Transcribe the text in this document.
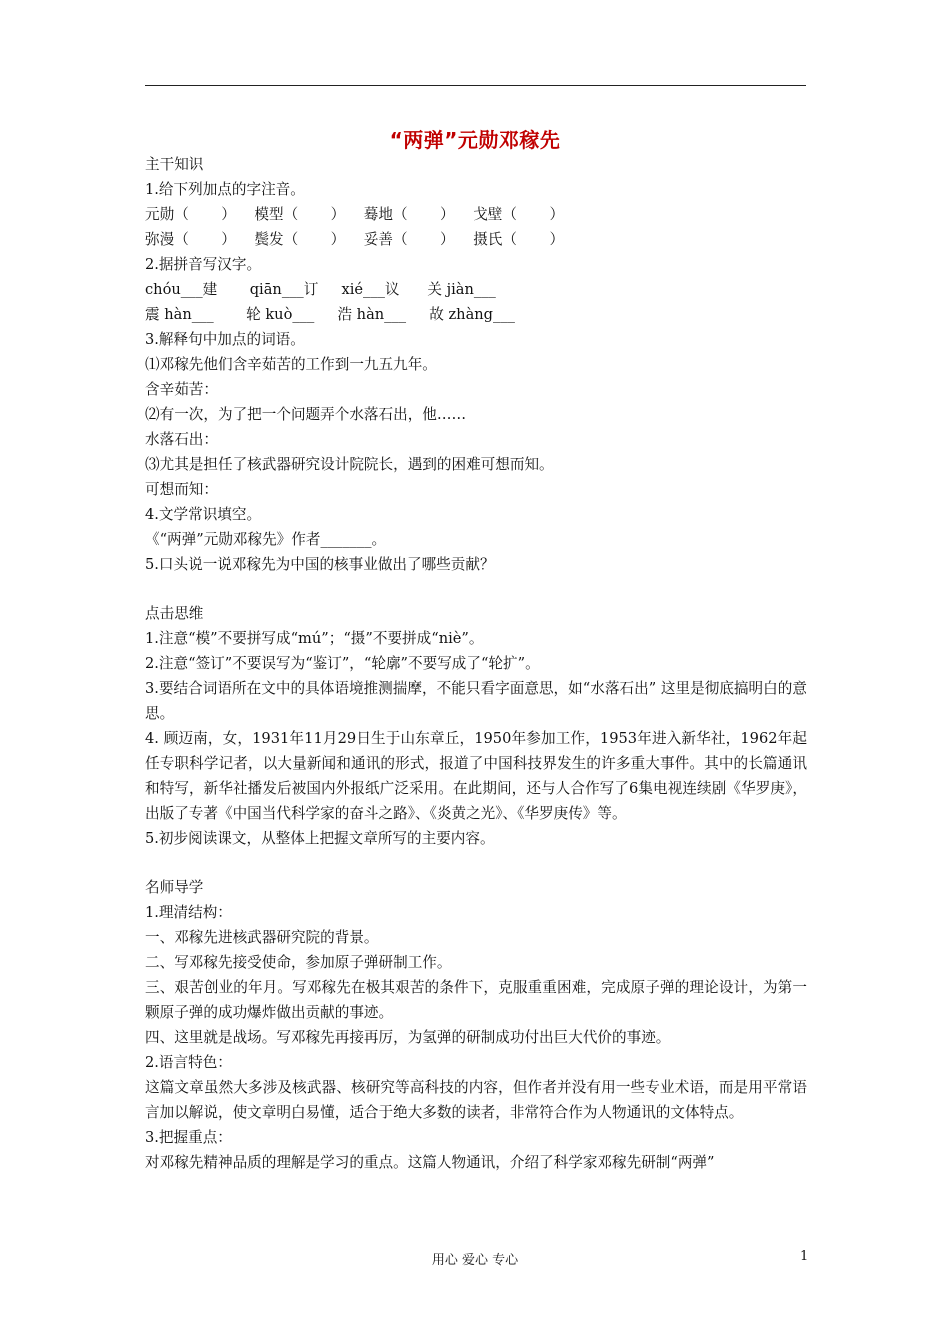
“两弹”元勋邓稼先
主干知识
1.给下列加点的字注音。
元勋（       ）    模型（       ）    蓦地（       ）    戈壁（       ）
弥漫（       ）    鬓发（       ）    妥善（       ）    摄氏（       ）
2.据拼音写汉字。
chóu___建       qiān___订     xié___议      关 jiàn___
震 hàn___       轮 kuò___     浩 hàn___     故 zhàng___
3.解释句中加点的词语。
⑴邓稼先他们含辛茹苦的工作到一九五九年。
含辛茹苦：
⑵有一次，为了把一个问题弄个水落石出，他……
水落石出：
⑶尤其是担任了核武器研究设计院院长，遇到的困难可想而知。
可想而知：
4.文学常识填空。
《“两弹”元勋邓稼先》作者_______。
5.口头说一说邓稼先为中国的核事业做出了哪些贡献？
点击思维
1.注意“模”不要拼写成“mú”；“摄”不要拼成“niè”。
2.注意“签订”不要误写为“鉴订”，“轮廓”不要写成了“轮扩”。
3.要结合词语所在文中的具体语境推测揣摩，不能只看字面意思，如“水落石出” 这里是彻底搞明白的意思。
4. 顾迈南，女，1931年11月29日生于山东章丘，1950年参加工作，1953年进入新华社，1962年起任专职科学记者，以大量新闻和通讯的形式，报道了中国科技界发生的许多重大事件。其中的长篇通讯和特写，新华社播发后被国内外报纸广泛采用。在此期间，还与人合作写了6集电视连续剧《华罗庚》，出版了专著《中国当代科学家的奋斗之路》、《炎黄之光》、《华罗庚传》等。
5.初步阅读课文，从整体上把握文章所写的主要内容。
名师导学
1.理清结构：
一、邓稼先进核武器研究院的背景。
二、写邓稼先接受使命，参加原子弹研制工作。
三、艰苦创业的年月。写邓稼先在极其艰苦的条件下，克服重重困难，完成原子弹的理论设计，为第一颗原子弹的成功爆炸做出贡献的事迹。
四、这里就是战场。写邓稼先再接再厉，为氢弹的研制成功付出巨大代价的事迹。
2.语言特色：
这篇文章虽然大多涉及核武器、核研究等高科技的内容，但作者并没有用一些专业术语，而是用平常语言加以解说，使文章明白易懂，适合于绝大多数的读者，非常符合作为人物通讯的文体特点。
3.把握重点：
对邓稼先精神品质的理解是学习的重点。这篇人物通讯，介绍了科学家邓稼先研制“两弹”
用心 爱心 专心	1
